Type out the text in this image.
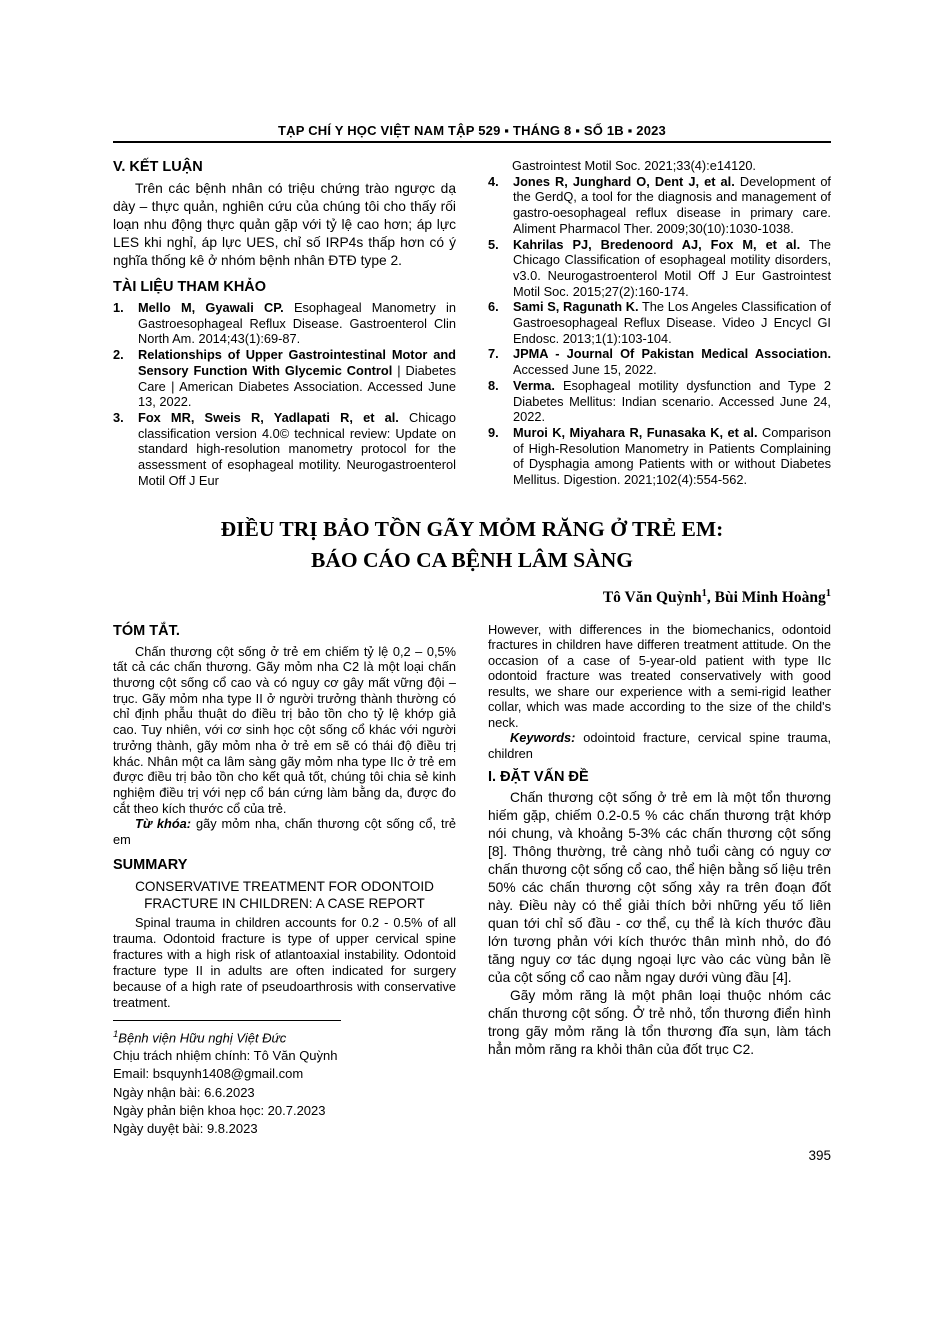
TẠP CHÍ Y HỌC VIỆT NAM TẬP 529 ▪ THÁNG 8 ▪ SỐ 1B ▪ 2023
V. KẾT LUẬN

Trên các bệnh nhân có triệu chứng trào ngược dạ dày – thực quản, nghiên cứu của chúng tôi cho thấy rối loạn nhu động thực quản gặp với tỷ lệ cao hơn; áp lực LES khi nghỉ, áp lực UES, chỉ số IRP4s thấp hơn có ý nghĩa thống kê ở nhóm bệnh nhân ĐTĐ type 2.

TÀI LIỆU THAM KHẢO
1. Mello M, Gyawali CP. Esophageal Manometry in Gastroesophageal Reflux Disease. Gastroenterol Clin North Am. 2014;43(1):69-87.
2. Relationships of Upper Gastrointestinal Motor and Sensory Function With Glycemic Control | Diabetes Care | American Diabetes Association. Accessed June 13, 2022.
3. Fox MR, Sweis R, Yadlapati R, et al. Chicago classification version 4.0© technical review: Update on standard high-resolution manometry protocol for the assessment of esophageal motility. Neurogastroenterol Motil Off J Eur
Gastrointest Motil Soc. 2021;33(4):e14120.
4. Jones R, Junghard O, Dent J, et al. Development of the GerdQ, a tool for the diagnosis and management of gastro-oesophageal reflux disease in primary care. Aliment Pharmacol Ther. 2009;30(10):1030-1038.
5. Kahrilas PJ, Bredenoord AJ, Fox M, et al. The Chicago Classification of esophageal motility disorders, v3.0. Neurogastroenterol Motil Off J Eur Gastrointest Motil Soc. 2015;27(2):160-174.
6. Sami S, Ragunath K. The Los Angeles Classification of Gastroesophageal Reflux Disease. Video J Encycl GI Endosc. 2013;1(1):103-104.
7. JPMA - Journal Of Pakistan Medical Association. Accessed June 15, 2022.
8. Verma. Esophageal motility dysfunction and Type 2 Diabetes Mellitus: Indian scenario. Accessed June 24, 2022.
9. Muroi K, Miyahara R, Funasaka K, et al. Comparison of High-Resolution Manometry in Patients Complaining of Dysphagia among Patients with or without Diabetes Mellitus. Digestion. 2021;102(4):554-562.
ĐIỀU TRỊ BẢO TỒN GÃY MỎM RĂNG Ở TRẺ EM:
BÁO CÁO CA BỆNH LÂM SÀNG
Tô Văn Quỳnh$^1$, Bùi Minh Hoàng$^1$
TÓM TẮT.

Chấn thương cột sống ở trẻ em chiếm tỷ lệ 0,2 – 0,5% tất cả các chấn thương. Gãy mỏm nha C2 là một loại chấn thương cột sống cổ cao và có nguy cơ gây mất vững đội – trục. Gãy mỏm nha type II ở người trưởng thành thường có chỉ định phẫu thuật do điều trị bảo tồn cho tỷ lệ khớp giả cao. Tuy nhiên, với cơ sinh học cột sống cổ khác với người trưởng thành, gãy mỏm nha ở trẻ em sẽ có thái độ điều trị khác. Nhân một ca lâm sàng gãy mỏm nha type IIc ở trẻ em được điều trị bảo tồn cho kết quả tốt, chúng tôi chia sẻ kinh nghiệm điều trị với nẹp cổ bán cứng làm bằng da, được đo cắt theo kích thước cổ của trẻ.

Từ khóa: gãy mỏm nha, chấn thương cột sống cổ, trẻ em

SUMMARY
CONSERVATIVE TREATMENT FOR ODONTOID
FRACTURE IN CHILDREN: A CASE REPORT

Spinal trauma in children accounts for 0.2 - 0.5% of all trauma. Odontoid fracture is type of upper cervical spine fractures with a high risk of atlantoaxial instability. Odontoid fracture type II in adults are often indicated for surgery because of a high rate of pseudoarthrosis with conservative treatment.

$^1$Bệnh viện Hữu nghị Việt Đức
Chịu trách nhiệm chính: Tô Văn Quỳnh
Email: bsquynh1408@gmail.com
Ngày nhận bài: 6.6.2023
Ngày phản biện khoa học: 20.7.2023
Ngày duyệt bài: 9.8.2023

However, with differences in the biomechanics, odontoid fractures in children have differen treatment attitude. On the occasion of a case of 5-year-old patient with type IIc odontoid fracture was treated conservatively with good results, we share our experience with a semi-rigid leather collar, which was made according to the size of the child's neck.

Keywords: odointoid fracture, cervical spine trauma, children

I. ĐẶT VẤN ĐỀ

Chấn thương cột sống ở trẻ em là một tổn thương hiếm gặp, chiếm 0.2-0.5 % các chấn thương trật khớp nói chung, và khoảng 5-3% các chấn thương cột sống [8]. Thông thường, trẻ càng nhỏ tuổi càng có nguy cơ chấn thương cột sống cổ cao, thể hiện bằng số liệu trên 50% các chấn thương cột sống xảy ra trên đoạn đốt này. Điều này có thể giải thích bởi những yếu tố liên quan tới chỉ số đầu - cơ thể, cụ thể là kích thước đầu lớn tương phản với kích thước thân mình nhỏ, do đó tăng nguy cơ tác dụng ngoại lực vào các vùng bản lề của cột sống cổ cao nằm ngay dưới vùng đầu [4].

Gãy mỏm răng là một phân loại thuộc nhóm các chấn thương cột sống. Ở trẻ nhỏ, tổn thương điển hình trong gãy mỏm răng là tổn thương đĩa sụn, làm tách hẳn mỏm răng ra khỏi thân của đốt trục C2.

395
